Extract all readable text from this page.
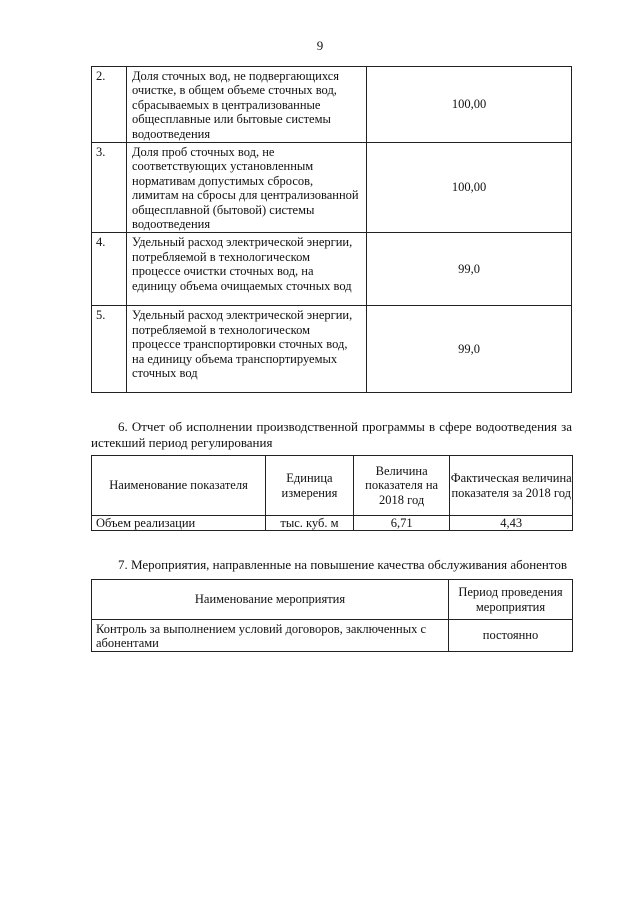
9
2.	Доля сточных вод, не подвергающихся очистке, в общем объеме сточных вод, сбрасываемых в централизованные общесплавные или бытовые системы водоотведения	100,00
3.	Доля проб сточных вод, не соответствующих установленным нормативам допустимых сбросов, лимитам на сбросы для централизованной общесплавной (бытовой) системы водоотведения	100,00
4.	Удельный расход электрической энергии, потребляемой в технологическом процессе очистки сточных вод, на единицу объема очищаемых сточных вод	99,0
5.	Удельный расход электрической энергии, потребляемой в технологическом процессе транспортировки сточных вод, на единицу объема транспортируемых сточных вод	99,0
6. Отчет об исполнении производственной программы в сфере водоотведения за истекший период регулирования
Наименование показателя	Единица измерения	Величина показателя на 2018 год	Фактическая величина показателя за 2018 год
Объем реализации	тыс. куб. м	6,71	4,43
7. Мероприятия, направленные на повышение качества обслуживания абонентов
Наименование мероприятия	Период проведения мероприятия
Контроль за выполнением условий договоров, заключенных с абонентами	постоянно
